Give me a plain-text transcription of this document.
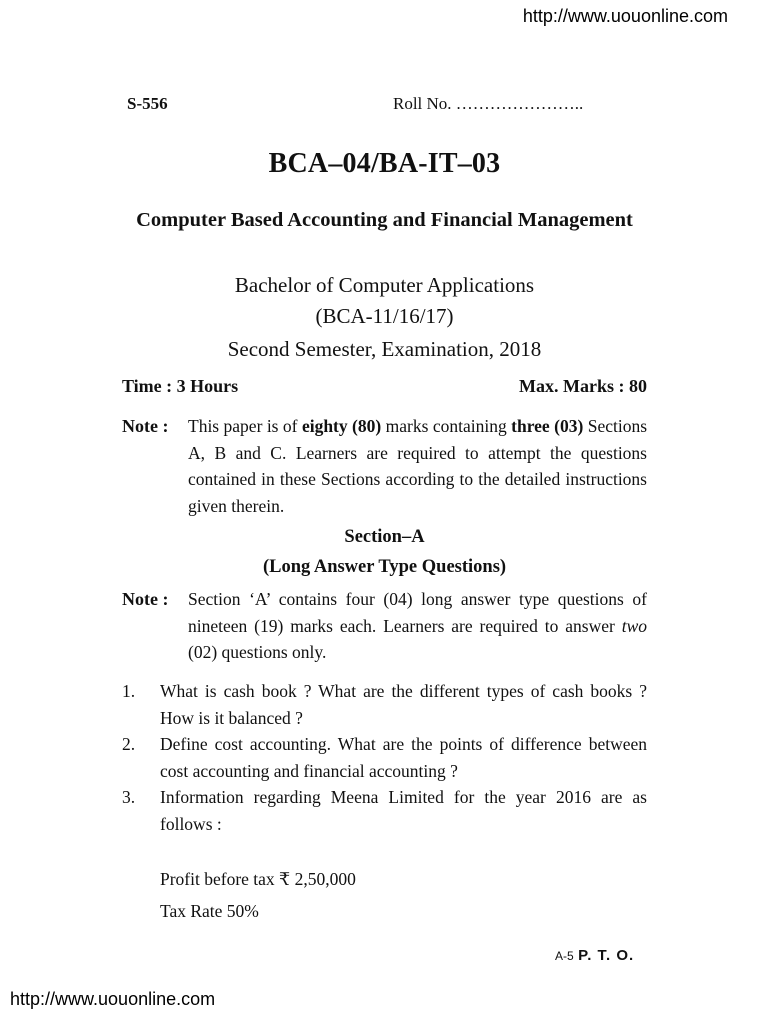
http://www.uouonline.com
S-556	Roll No. …………………..
BCA–04/BA-IT–03
Computer Based Accounting and Financial Management
Bachelor of Computer Applications
(BCA-11/16/17)
Second Semester, Examination, 2018
Time : 3 Hours	Max. Marks : 80
Note : This paper is of eighty (80) marks containing three (03) Sections A, B and C. Learners are required to attempt the questions contained in these Sections according to the detailed instructions given therein.
Section–A
(Long Answer Type Questions)
Note : Section ‘A’ contains four (04) long answer type questions of nineteen (19) marks each. Learners are required to answer two (02) questions only.
1. What is cash book ? What are the different types of cash books ? How is it balanced ?
2. Define cost accounting. What are the points of difference between cost accounting and financial accounting ?
3. Information regarding Meena Limited for the year 2016 are as follows :
Profit before tax ₹ 2,50,000
Tax Rate 50%
A-5 P. T. O.
http://www.uouonline.com
